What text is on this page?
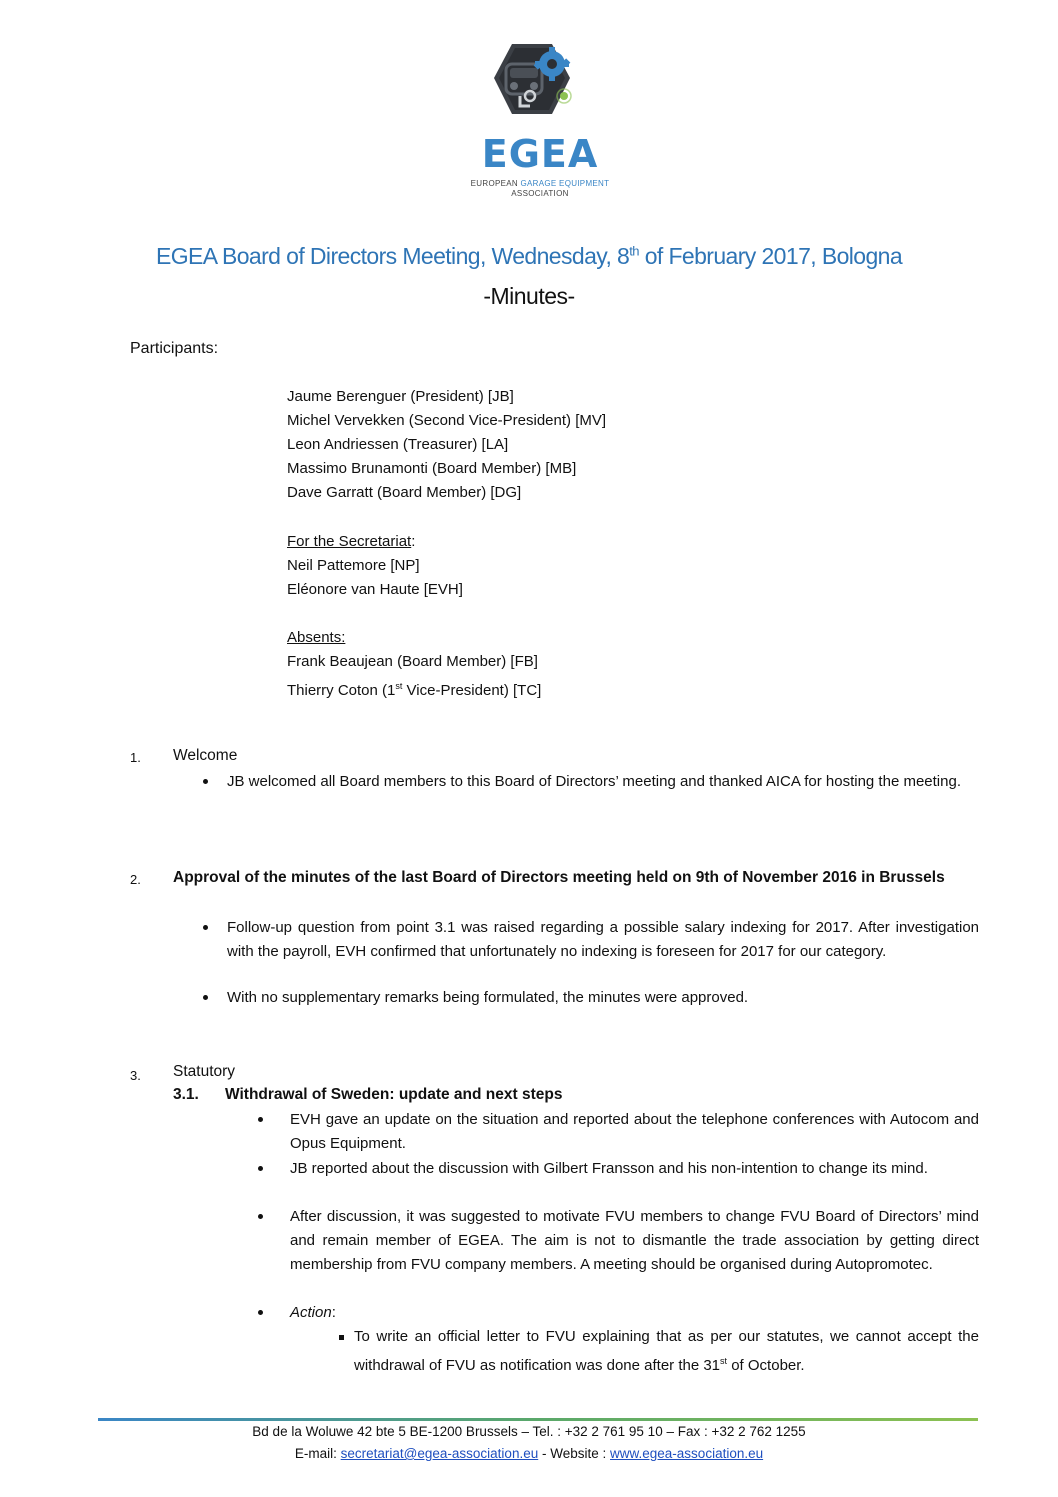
EGEA
EUROPEAN GARAGE EQUIPMENT
ASSOCIATION
EGEA Board of Directors Meeting, Wednesday, 8th of February 2017, Bologna
-Minutes-
Participants:
Jaume Berenguer (President) [JB]
Michel Vervekken (Second Vice-President) [MV]
Leon Andriessen (Treasurer) [LA]
Massimo Brunamonti (Board Member) [MB]
Dave Garratt (Board Member) [DG]
For the Secretariat:
Neil Pattemore [NP]
Eléonore van Haute [EVH]
Absents:
Frank Beaujean (Board Member) [FB]
Thierry Coton (1st Vice-President) [TC]
1. Welcome
JB welcomed all Board members to this Board of Directors’ meeting and thanked AICA for hosting the meeting.
2. Approval of the minutes of the last Board of Directors meeting held on 9th of November 2016 in Brussels
Follow-up question from point 3.1 was raised regarding a possible salary indexing for 2017. After investigation with the payroll, EVH confirmed that unfortunately no indexing is foreseen for 2017 for our category.
With no supplementary remarks being formulated, the minutes were approved.
3. Statutory
3.1. Withdrawal of Sweden: update and next steps
EVH gave an update on the situation and reported about the telephone conferences with Autocom and Opus Equipment.
JB reported about the discussion with Gilbert Fransson and his non-intention to change its mind.
After discussion, it was suggested to motivate FVU members to change FVU Board of Directors’ mind and remain member of EGEA. The aim is not to dismantle the trade association by getting direct membership from FVU company members. A meeting should be organised during Autopromotec.
Action:
To write an official letter to FVU explaining that as per our statutes, we cannot accept the withdrawal of FVU as notification was done after the 31st of October.
Bd de la Woluwe 42 bte 5 BE-1200 Brussels – Tel. : +32 2 761 95 10 – Fax : +32 2 762 1255
E-mail: secretariat@egea-association.eu - Website : www.egea-association.eu
